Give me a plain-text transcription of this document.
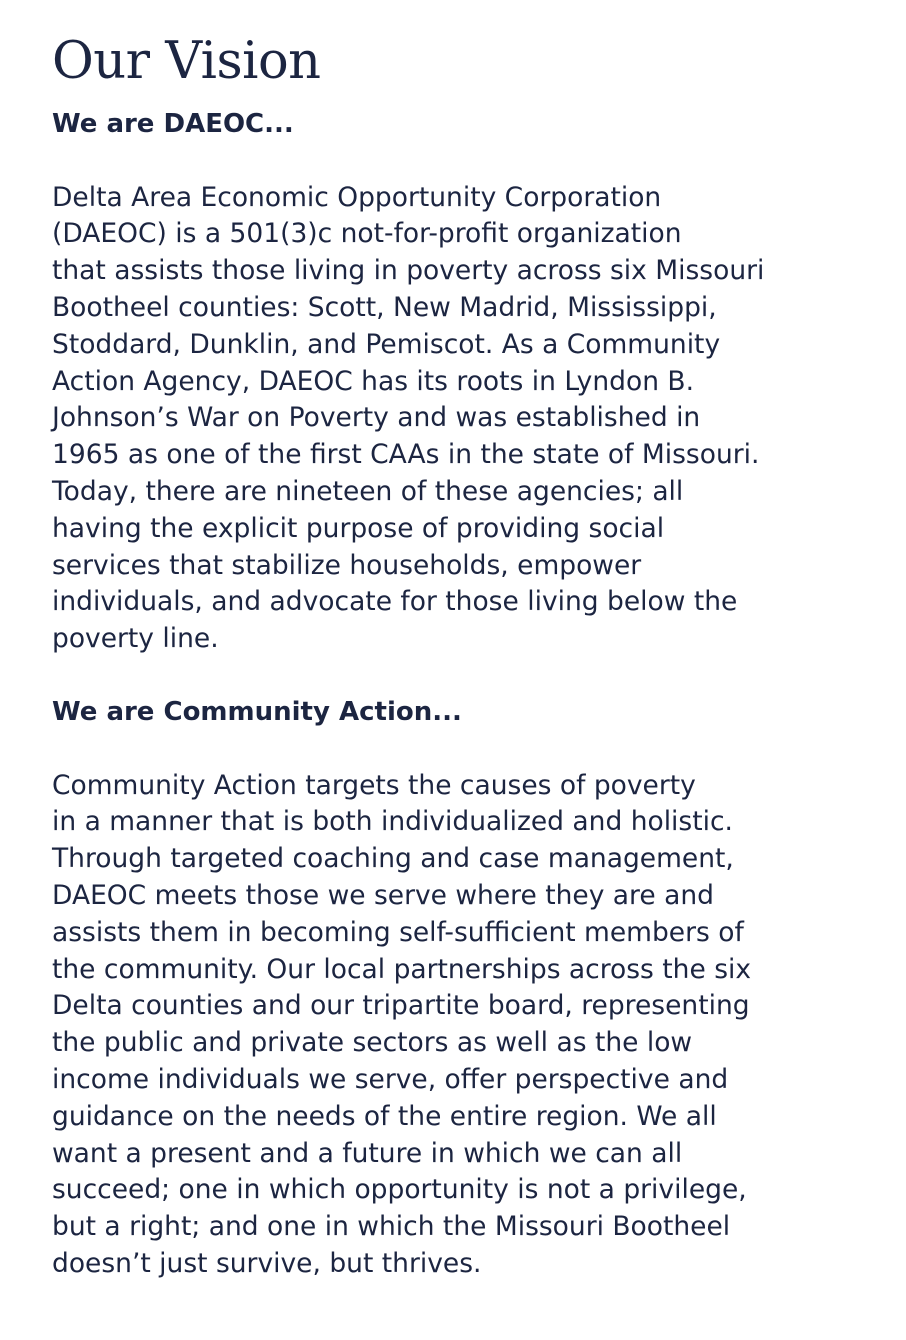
Our Vision
We are DAEOC...

Delta Area Economic Opportunity Corporation
(DAEOC) is a 501(3)c not-for-profit organization
that assists those living in poverty across six Missouri
Bootheel counties: Scott, New Madrid, Mississippi,
Stoddard, Dunklin, and Pemiscot. As a Community
Action Agency, DAEOC has its roots in Lyndon B.
Johnson’s War on Poverty and was established in
1965 as one of the first CAAs in the state of Missouri.
Today, there are nineteen of these agencies; all
having the explicit purpose of providing social
services that stabilize households, empower
individuals, and advocate for those living below the
poverty line.

We are Community Action...

Community Action targets the causes of poverty
in a manner that is both individualized and holistic.
Through targeted coaching and case management,
DAEOC meets those we serve where they are and
assists them in becoming self-sufficient members of
the community. Our local partnerships across the six
Delta counties and our tripartite board, representing
the public and private sectors as well as the low
income individuals we serve, offer perspective and
guidance on the needs of the entire region. We all
want a present and a future in which we can all
succeed; one in which opportunity is not a privilege,
but a right; and one in which the Missouri Bootheel
doesn’t just survive, but thrives.
